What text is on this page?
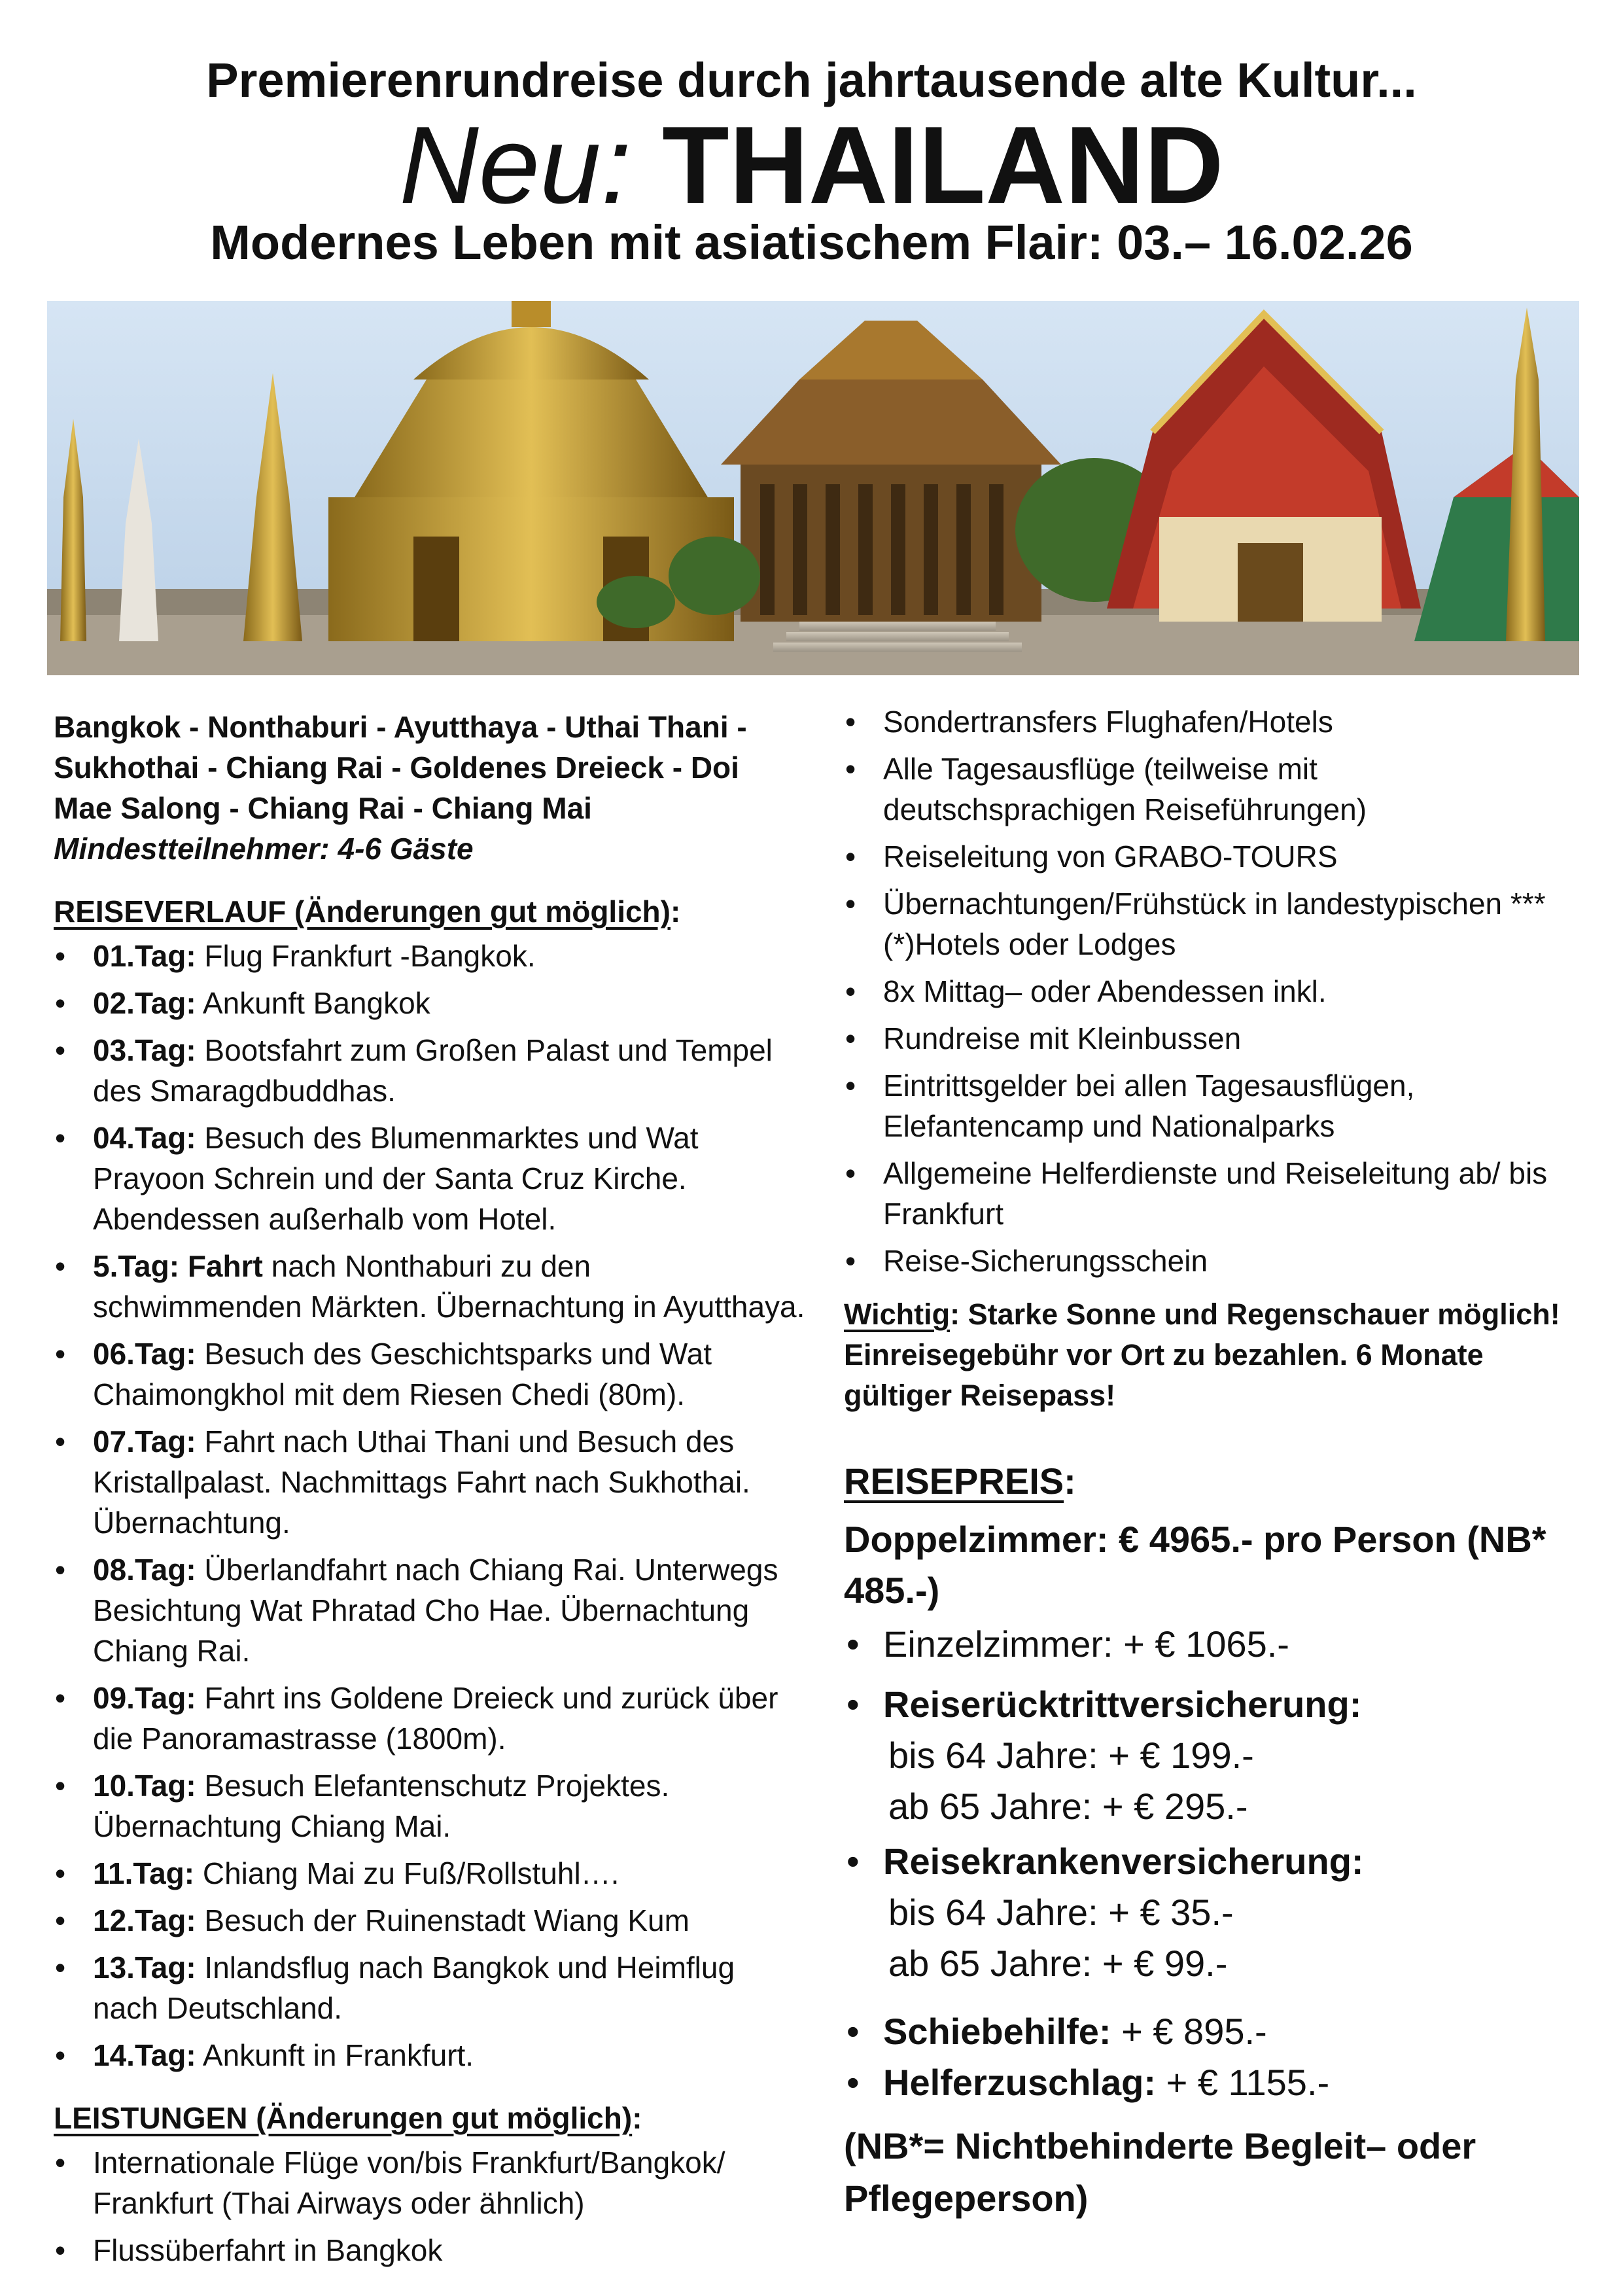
Premierenrundreise durch jahrtausende alte Kultur...
Neu: THAILAND
Modernes Leben mit asiatischem Flair: 03.– 16.02.26

Bangkok - Nonthaburi - Ayutthaya - Uthai Thani - Sukhothai - Chiang Rai - Goldenes Dreieck - Doi Mae Salong - Chiang Rai - Chiang Mai

Mindestteilnehmer: 4-6 Gäste

REISEVERLAUF (Änderungen gut möglich):
• 01.Tag: Flug Frankfurt -Bangkok.
• 02.Tag: Ankunft Bangkok
• 03.Tag: Bootsfahrt zum Großen Palast und Tempel des Smaragdbuddhas.
• 04.Tag: Besuch des Blumenmarktes und Wat Prayoon Schrein und der Santa Cruz Kirche. Abendessen außerhalb vom Hotel.
• 5.Tag: Fahrt nach Nonthaburi zu den schwimmenden Märkten. Übernachtung in Ayutthaya.
• 06.Tag: Besuch des Geschichtsparks und Wat Chaimongkhol mit dem Riesen Chedi (80m).
• 07.Tag: Fahrt nach Uthai Thani und Besuch des Kristallpalast. Nachmittags Fahrt nach Sukhothai. Übernachtung.
• 08.Tag: Überlandfahrt nach Chiang Rai. Unterwegs Besichtung Wat Phratad Cho Hae. Übernachtung Chiang Rai.
• 09.Tag: Fahrt ins Goldene Dreieck und zurück über die Panoramastrasse (1800m).
• 10.Tag: Besuch Elefantenschutz Projektes. Übernachtung Chiang Mai.
• 11.Tag: Chiang Mai zu Fuß/Rollstuhl….
• 12.Tag: Besuch der Ruinenstadt Wiang Kum
• 13.Tag: Inlandsflug nach Bangkok und Heimflug nach Deutschland.
• 14.Tag: Ankunft in Frankfurt.
LEISTUNGEN (Änderungen gut möglich):
• Internationale Flüge von/bis Frankfurt/Bangkok/ Frankfurt (Thai Airways oder ähnlich)
• Flussüberfahrt in Bangkok
• Sondertransfers Flughafen/Hotels
• Alle Tagesausflüge (teilweise mit deutschsprachigen Reiseführungen)
• Reiseleitung von GRABO-TOURS
• Übernachtungen/Frühstück in landestypischen ***(*)Hotels oder Lodges
• 8x Mittag– oder Abendessen inkl.
• Rundreise mit Kleinbussen
• Eintrittsgelder bei allen Tagesausflügen, Elefantencamp und Nationalparks
• Allgemeine Helferdienste und Reiseleitung ab/ bis Frankfurt
• Reise-Sicherungsschein

Wichtig: Starke Sonne und Regenschauer möglich! Einreisegebühr vor Ort zu bezahlen. 6 Monate gültiger Reisepass!

REISEPREIS:

Doppelzimmer: € 4965.- pro Person (NB* 485.-)

• Einzelzimmer: + € 1065.-
• Reiserücktrittversicherung:
bis 64 Jahre: + € 199.-
ab 65 Jahre: + € 295.-
• Reisekrankenversicherung:
bis 64 Jahre: + € 35.-
ab 65 Jahre: + € 99.-
• Schiebehilfe: + € 895.-
• Helferzuschlag: + € 1155.-

(NB*= Nichtbehinderte Begleit– oder Pflegeperson)
